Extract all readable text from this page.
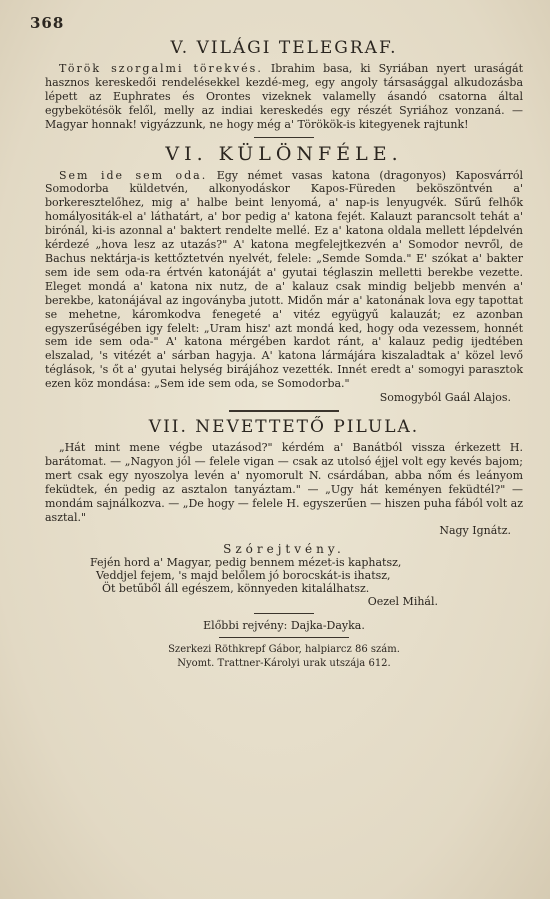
368
V. VILÁGI TELEGRAF.

Török szorgalmi törekvés. Ibrahim basa, ki Syriában nyert uraságát hasznos kereskedői rendelésekkel kezdé-meg, egy angoly társasággal alkudozásba lépett az Euphrates és Orontes vizeknek valamelly ásandó csatorna által egybekötésök felől, melly az indiai kereskedés egy részét Syriához vonzaná. — Magyar honnak! vigyázzunk, ne hogy még a' Törökök-is kitegyenek rajtunk!

VI. KÜLÖNFÉLE.

Sem ide sem oda. Egy német vasas katona (dragonyos) Kaposvárról Somodorba küldetvén, alkonyodáskor Kapos-Füreden beköszöntvén a' borkeresztelőhez, mig a' halbe beint lenyomá, a' nap-is lenyugvék. Sűrű felhők homályositák-el a' láthatárt, a' bor pedig a' katona fejét. Kalauzt parancsolt tehát a' birónál, ki-is azonnal a' baktert rendelte mellé. Ez a' katona oldala mellett lépdelvén kérdezé „hova lesz az utazás?" A' katona megfelejtkezvén a' Somodor nevről, de Bachus nektárja-is kettőztetvén nyelvét, felele: „Semde Somda." E' szókat a' bakter sem ide sem oda-ra értvén katonáját a' gyutai téglaszin melletti berekbe vezette. Eleget mondá a' katona nix nutz, de a' kalauz csak mindig beljebb menvén a' berekbe, katonájával az ingoványba jutott. Midőn már a' katonának lova egy tapottat se mehetne, káromkodva fenegeté a' vitéz együgyű kalauzát; ez azonban egyszerűségében igy felelt: „Uram hisz' azt mondá ked, hogy oda vezessem, honnét sem ide sem oda-" A' katona mérgében kardot ránt, a' kalauz pedig ijedtében elszalad, 's vitézét a' sárban hagyja. A' katona lármájára kiszaladtak a' közel levő téglások, 's őt a' gyutai helység birájához vezették. Innét eredt a' somogyi parasztok ezen köz mondása: „Sem ide sem oda, se Somodorba."

Somogyból Gaál Alajos.
VII. NEVETTETŐ PILULA.

„Hát mint mene végbe utazásod?" kérdém a' Banátból vissza érkezett H. barátomat. — „Nagyon jól — felele vigan — csak az utolsó éjjel volt egy kevés bajom; mert csak egy nyoszolya levén a' nyomorult N. csárdában, abba nőm és leányom feküdtek, én pedig az asztalon tanyáztam." — „Ugy hát keményen feküdtél?" — mondám sajnálkozva. — „De hogy — felele H. egyszerűen — hiszen puha fából volt az asztal."

Nagy Ignátz.
Szórejtvény.
Fején hord a' Magyar, pedig bennem mézet-is kaphatsz,
Veddjel fejem, 's majd belőlem jó borocskát-is ihatsz,
Öt betűből áll egészem, könnyeden kitalálhatsz.
Oezel Mihál.
Előbbi rejvény: Dajka-Dayka.
Szerkezi Röthkrepf Gábor, halpiarcz 86 szám.
Nyomt. Trattner-Károlyi urak utszája 612.
